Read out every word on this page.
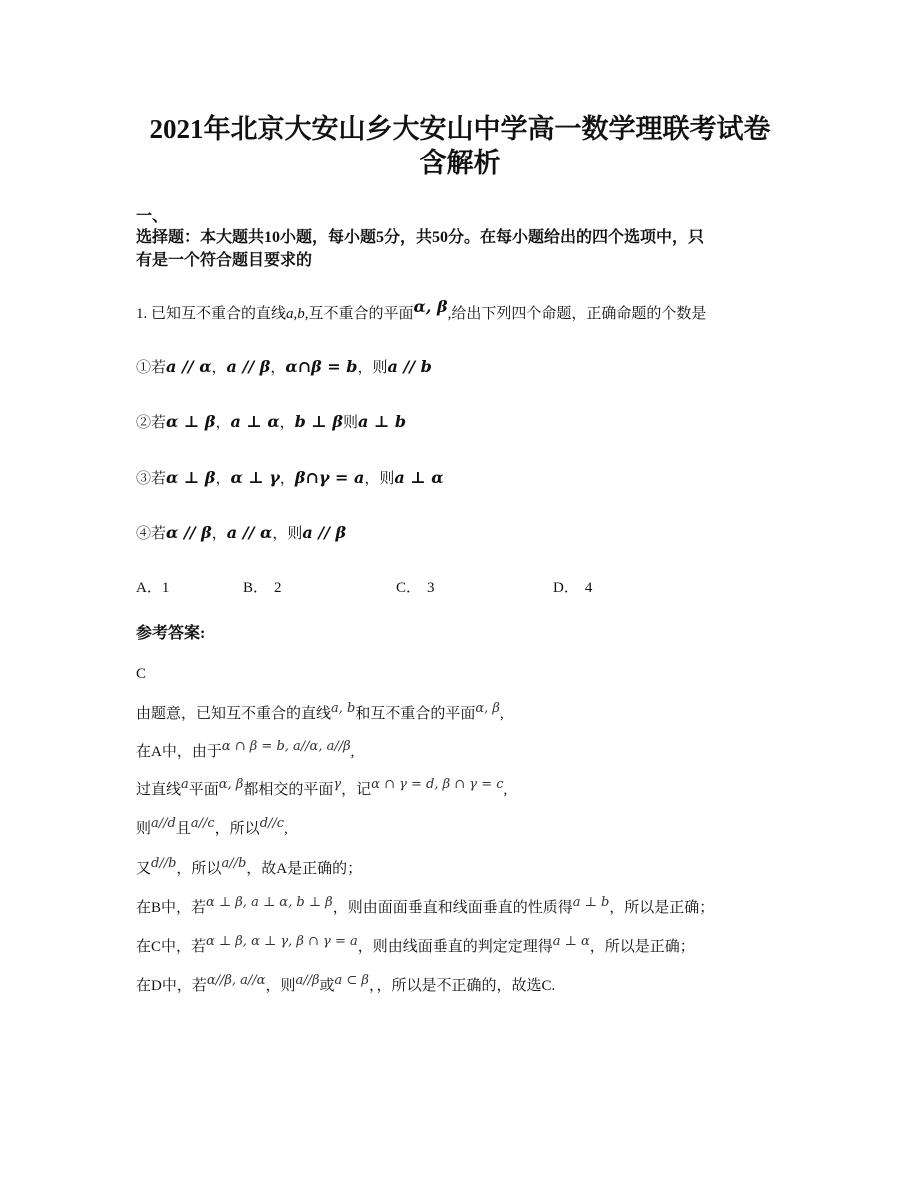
2021年北京大安山乡大安山中学高一数学理联考试卷
含解析
一、
选择题：本大题共10小题，每小题5分，共50分。在每小题给出的四个选项中，只
有是一个符合题目要求的
1. 已知互不重合的直线a,b,互不重合的平面α, β,给出下列四个命题，正确命题的个数是
①若a // α，a // β，α∩β = b，则a // b
②若α ⊥ β，a ⊥ α，b ⊥ β则a ⊥ b
③若α ⊥ β，α ⊥ γ，β∩γ = a，则a ⊥ α
④若α // β，a // α，则a // β
A．1	B． 2	C． 3	D． 4
参考答案:
C
由题意，已知互不重合的直线a, b和互不重合的平面α, β,
在A中，由于α ∩ β = b, a//α, a//β,
过直线a平面α, β都相交的平面γ，记α ∩ γ = d, β ∩ γ = c,
则a//d且a//c，所以d//c,
又d//b，所以a//b，故A是正确的；
在B中，若α ⊥ β, a ⊥ α, b ⊥ β，则由面面垂直和线面垂直的性质得a ⊥ b，所以是正确；
在C中，若α ⊥ β, α ⊥ γ, β ∩ γ = a，则由线面垂直的判定定理得a ⊥ α，所以是正确；
在D中，若α//β, a//α，则a//β或a ⊂ β，，所以是不正确的，故选C.
